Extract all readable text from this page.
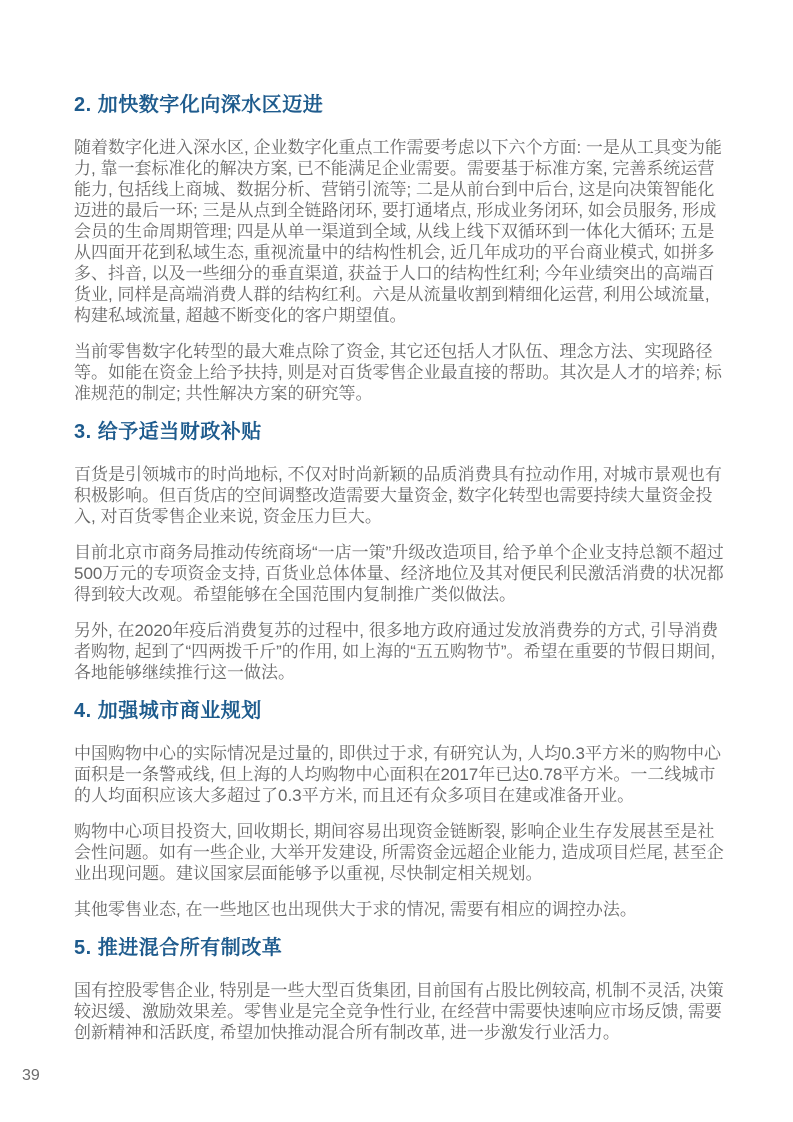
2. 加快数字化向深水区迈进

随着数字化进入深水区, 企业数字化重点工作需要考虑以下六个方面: 一是从工具变为能力, 靠一套标准化的解决方案, 已不能满足企业需要。需要基于标准方案, 完善系统运营能力, 包括线上商城、数据分析、营销引流等; 二是从前台到中后台, 这是向决策智能化迈进的最后一环; 三是从点到全链路闭环, 要打通堵点, 形成业务闭环, 如会员服务, 形成会员的生命周期管理; 四是从单一渠道到全域, 从线上线下双循环到一体化大循环; 五是从四面开花到私域生态, 重视流量中的结构性机会, 近几年成功的平台商业模式, 如拼多多、抖音, 以及一些细分的垂直渠道, 获益于人口的结构性红利; 今年业绩突出的高端百货业, 同样是高端消费人群的结构红利。六是从流量收割到精细化运营, 利用公域流量, 构建私域流量, 超越不断变化的客户期望值。

当前零售数字化转型的最大难点除了资金, 其它还包括人才队伍、理念方法、实现路径等。如能在资金上给予扶持, 则是对百货零售企业最直接的帮助。其次是人才的培养; 标准规范的制定; 共性解决方案的研究等。

3. 给予适当财政补贴

百货是引领城市的时尚地标, 不仅对时尚新颖的品质消费具有拉动作用, 对城市景观也有积极影响。但百货店的空间调整改造需要大量资金, 数字化转型也需要持续大量资金投入, 对百货零售企业来说, 资金压力巨大。

目前北京市商务局推动传统商场“一店一策”升级改造项目, 给予单个企业支持总额不超过500万元的专项资金支持, 百货业总体体量、经济地位及其对便民利民激活消费的状况都得到较大改观。希望能够在全国范围内复制推广类似做法。

另外, 在2020年疫后消费复苏的过程中, 很多地方政府通过发放消费券的方式, 引导消费者购物, 起到了“四两拨千斤”的作用, 如上海的“五五购物节”。希望在重要的节假日期间, 各地能够继续推行这一做法。

4. 加强城市商业规划

中国购物中心的实际情况是过量的, 即供过于求, 有研究认为, 人均0.3平方米的购物中心面积是一条警戒线, 但上海的人均购物中心面积在2017年已达0.78平方米。一二线城市的人均面积应该大多超过了0.3平方米, 而且还有众多项目在建或准备开业。

购物中心项目投资大, 回收期长, 期间容易出现资金链断裂, 影响企业生存发展甚至是社会性问题。如有一些企业, 大举开发建设, 所需资金远超企业能力, 造成项目烂尾, 甚至企业出现问题。建议国家层面能够予以重视, 尽快制定相关规划。

其他零售业态, 在一些地区也出现供大于求的情况, 需要有相应的调控办法。

5. 推进混合所有制改革

国有控股零售企业, 特别是一些大型百货集团, 目前国有占股比例较高, 机制不灵活, 决策较迟缓、激励效果差。零售业是完全竞争性行业, 在经营中需要快速响应市场反馈, 需要创新精神和活跃度, 希望加快推动混合所有制改革, 进一步激发行业活力。

39
